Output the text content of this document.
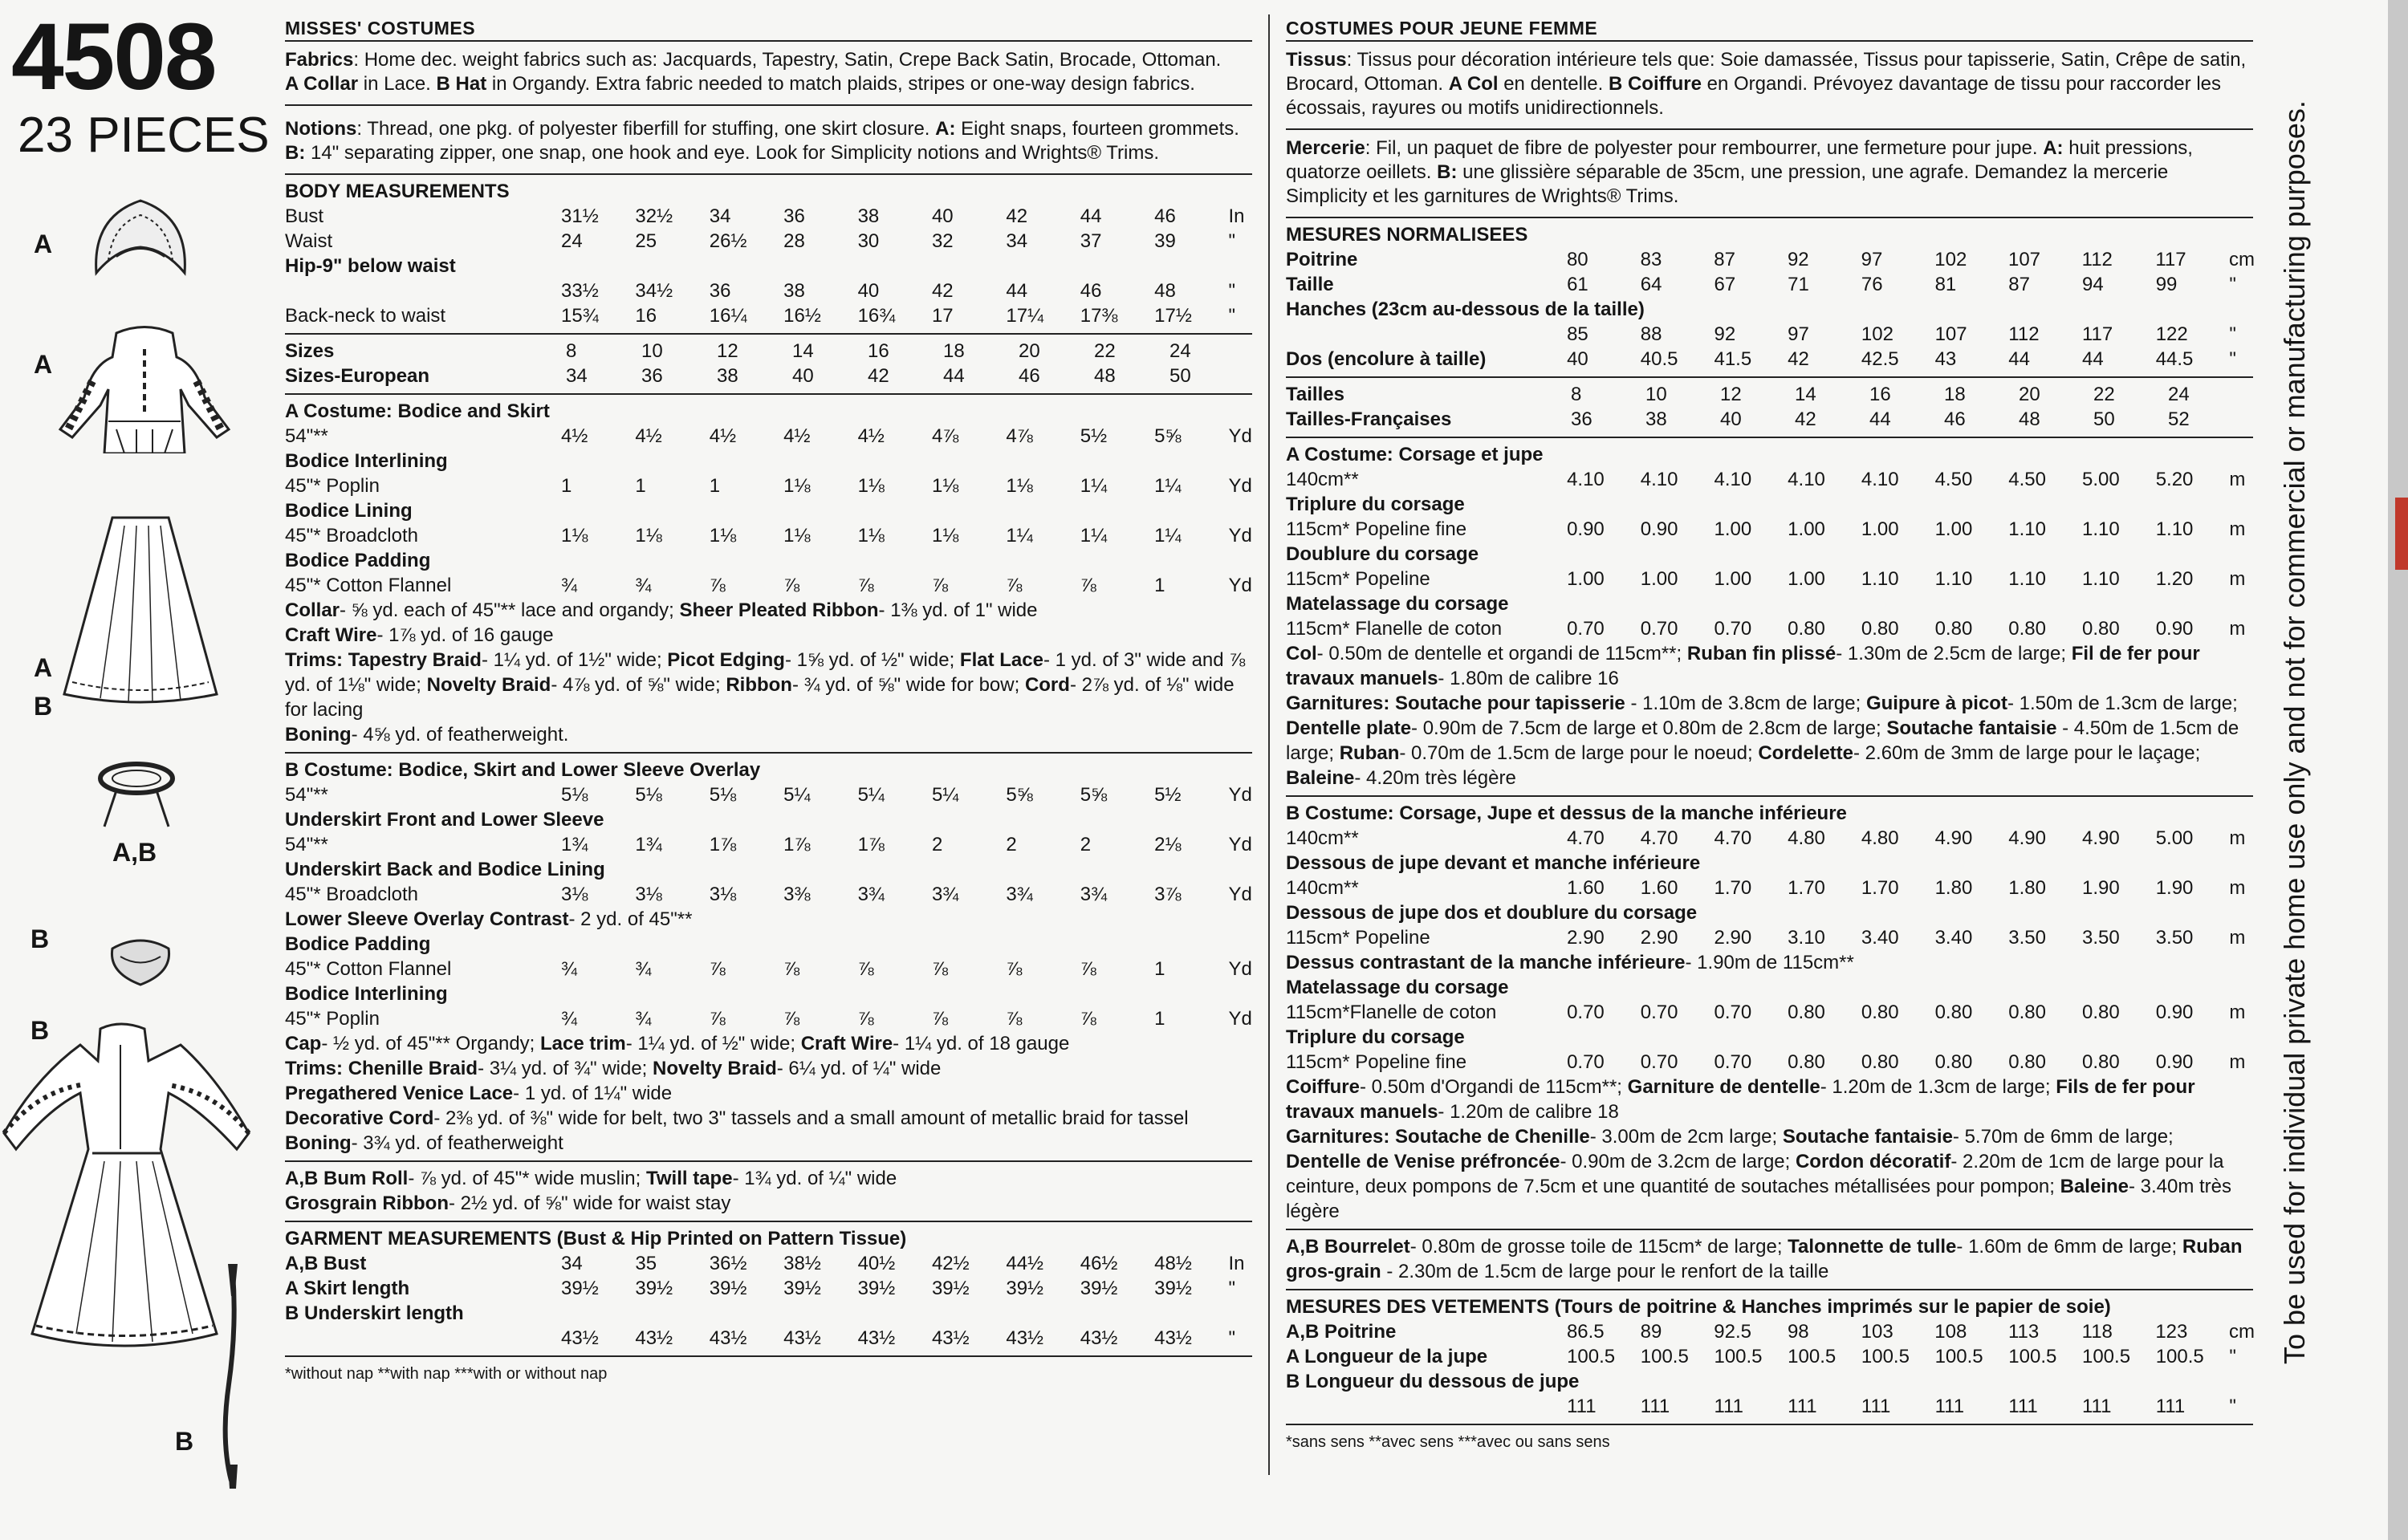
4508
23 PIECES
A
A
A
B
A,B
B
B
B
MISSES' COSTUMES
Fabrics: Home dec. weight fabrics such as: Jacquards, Tapestry, Satin, Crepe Back Satin, Brocade, Ottoman.
A Collar in Lace. B Hat in Organdy. Extra fabric needed to match plaids, stripes or one-way design fabrics.
Notions: Thread, one pkg. of polyester fiberfill for stuffing, one skirt closure. A: Eight snaps, fourteen grommets.
B: 14" separating zipper, one snap, one hook and eye. Look for Simplicity notions and Wrights® Trims.
BODY MEASUREMENTS
Bust	31½	32½	34	36	38	40	42	44	46	In
Waist	24	25	26½	28	30	32	34	37	39	"
Hip-9" below waist
33½	34½	36	38	40	42	44	46	48	"
Back-neck to waist	15¾	16	16¼	16½	16¾	17	17¼	17⅜	17½	"
Sizes	8	10	12	14	16	18	20	22	24
Sizes-European	34	36	38	40	42	44	46	48	50
A Costume: Bodice and Skirt
54"**	4½	4½	4½	4½	4½	4⅞	4⅞	5½	5⅝	Yd
Bodice Interlining
45"* Poplin	1	1	1	1⅛	1⅛	1⅛	1⅛	1¼	1¼	Yd
Bodice Lining
45"* Broadcloth	1⅛	1⅛	1⅛	1⅛	1⅛	1⅛	1¼	1¼	1¼	Yd
Bodice Padding
45"* Cotton Flannel	¾	¾	⅞	⅞	⅞	⅞	⅞	⅞	1	Yd
Collar- ⅝ yd. each of 45"** lace and organdy; Sheer Pleated Ribbon- 1⅜ yd. of 1" wide
Craft Wire- 1⅞ yd. of 16 gauge
Trims: Tapestry Braid- 1¼ yd. of 1½" wide; Picot Edging- 1⅝ yd. of ½" wide; Flat Lace- 1 yd. of 3" wide and ⅞ yd. of 1⅛" wide; Novelty Braid- 4⅞ yd. of ⅝" wide; Ribbon- ¾ yd. of ⅝" wide for bow; Cord- 2⅞ yd. of ⅛" wide for lacing
Boning- 4⅝ yd. of featherweight.
B Costume: Bodice, Skirt and Lower Sleeve Overlay
54"**	5⅛	5⅛	5⅛	5¼	5¼	5¼	5⅝	5⅝	5½	Yd
Underskirt Front and Lower Sleeve
54"**	1¾	1¾	1⅞	1⅞	1⅞	2	2	2	2⅛	Yd
Underskirt Back and Bodice Lining
45"* Broadcloth	3⅛	3⅛	3⅛	3⅜	3¾	3¾	3¾	3¾	3⅞	Yd
Lower Sleeve Overlay Contrast- 2 yd. of 45"**
Bodice Padding
45"* Cotton Flannel	¾	¾	⅞	⅞	⅞	⅞	⅞	⅞	1	Yd
Bodice Interlining
45"* Poplin	¾	¾	⅞	⅞	⅞	⅞	⅞	⅞	1	Yd
Cap- ½ yd. of 45"** Organdy; Lace trim- 1¼ yd. of ½" wide; Craft Wire- 1¼ yd. of 18 gauge
Trims: Chenille Braid- 3¼ yd. of ¾" wide; Novelty Braid- 6¼ yd. of ¼" wide
Pregathered Venice Lace- 1 yd. of 1¼" wide
Decorative Cord- 2⅜ yd. of ⅜" wide for belt, two 3" tassels and a small amount of metallic braid for tassel
Boning- 3¾ yd. of featherweight
A,B Bum Roll- ⅞ yd. of 45"* wide muslin; Twill tape- 1¾ yd. of ¼" wide
Grosgrain Ribbon- 2½ yd. of ⅝" wide for waist stay
GARMENT MEASUREMENTS (Bust & Hip Printed on Pattern Tissue)
A,B Bust	34	35	36½	38½	40½	42½	44½	46½	48½	In
A Skirt length	39½	39½	39½	39½	39½	39½	39½	39½	39½	"
B Underskirt length
43½	43½	43½	43½	43½	43½	43½	43½	43½	"
*without nap **with nap ***with or without nap
COSTUMES POUR JEUNE FEMME
Tissus: Tissus pour décoration intérieure tels que: Soie damassée, Tissus pour tapisserie, Satin, Crêpe de satin, Brocard, Ottoman. A Col en dentelle. B Coiffure en Organdi. Prévoyez davantage de tissu pour raccorder les écossais, rayures ou motifs unidirectionnels.
Mercerie: Fil, un paquet de fibre de polyester pour rembourrer, une fermeture pour jupe. A: huit pressions, quatorze oeillets. B: une glissière séparable de 35cm, une pression, une agrafe. Demandez la mercerie Simplicity et les garnitures de Wrights® Trims.
MESURES NORMALISEES
Poitrine	80	83	87	92	97	102	107	112	117	cm
Taille	61	64	67	71	76	81	87	94	99	"
Hanches (23cm au-dessous de la taille)
85	88	92	97	102	107	112	117	122	"
Dos (encolure à taille)	40	40.5	41.5	42	42.5	43	44	44	44.5	"
Tailles	8	10	12	14	16	18	20	22	24
Tailles-Françaises	36	38	40	42	44	46	48	50	52
A Costume: Corsage et jupe
140cm**	4.10	4.10	4.10	4.10	4.10	4.50	4.50	5.00	5.20	m
Triplure du corsage
115cm* Popeline fine	0.90	0.90	1.00	1.00	1.00	1.00	1.10	1.10	1.10	m
Doublure du corsage
115cm* Popeline	1.00	1.00	1.00	1.00	1.10	1.10	1.10	1.10	1.20	m
Matelassage du corsage
115cm* Flanelle de coton	0.70	0.70	0.70	0.80	0.80	0.80	0.80	0.80	0.90	m
Col- 0.50m de dentelle et organdi de 115cm**; Ruban fin plissé- 1.30m de 2.5cm de large; Fil de fer pour travaux manuels- 1.80m de calibre 16
Garnitures: Soutache pour tapisserie - 1.10m de 3.8cm de large; Guipure à picot- 1.50m de 1.3cm de large; Dentelle plate- 0.90m de 7.5cm de large et 0.80m de 2.8cm de large; Soutache fantaisie - 4.50m de 1.5cm de large; Ruban- 0.70m de 1.5cm de large pour le noeud; Cordelette- 2.60m de 3mm de large pour le laçage;
Baleine- 4.20m très légère
B Costume: Corsage, Jupe et dessus de la manche inférieure
140cm**	4.70	4.70	4.70	4.80	4.80	4.90	4.90	4.90	5.00	m
Dessous de jupe devant et manche inférieure
140cm**	1.60	1.60	1.70	1.70	1.70	1.80	1.80	1.90	1.90	m
Dessous de jupe dos et doublure du corsage
115cm* Popeline	2.90	2.90	2.90	3.10	3.40	3.40	3.50	3.50	3.50	m
Dessus contrastant de la manche inférieure- 1.90m de 115cm**
Matelassage du corsage
115cm*Flanelle de coton	0.70	0.70	0.70	0.80	0.80	0.80	0.80	0.80	0.90	m
Triplure du corsage
115cm* Popeline fine	0.70	0.70	0.70	0.80	0.80	0.80	0.80	0.80	0.90	m
Coiffure- 0.50m d'Organdi de 115cm**; Garniture de dentelle- 1.20m de 1.3cm de large; Fils de fer pour travaux manuels- 1.20m de calibre 18
Garnitures: Soutache de Chenille- 3.00m de 2cm large; Soutache fantaisie- 5.70m de 6mm de large; Dentelle de Venise préfroncée- 0.90m de 3.2cm de large; Cordon décoratif- 2.20m de 1cm de large pour la ceinture, deux pompons de 7.5cm et une quantité de soutaches métallisées pour pompon; Baleine- 3.40m très légère
A,B Bourrelet- 0.80m de grosse toile de 115cm* de large; Talonnette de tulle- 1.60m de 6mm de large; Ruban gros-grain - 2.30m de 1.5cm de large pour le renfort de la taille
MESURES DES VETEMENTS (Tours de poitrine & Hanches imprimés sur le papier de soie)
A,B Poitrine	86.5	89	92.5	98	103	108	113	118	123	cm
A Longueur de la jupe	100.5	100.5	100.5	100.5	100.5	100.5	100.5	100.5	100.5	"
B Longueur du dessous de jupe
111	111	111	111	111	111	111	111	111	"
*sans sens **avec sens ***avec ou sans sens
To be used for individual private home use only and not for commercial or manufacturing purposes.
